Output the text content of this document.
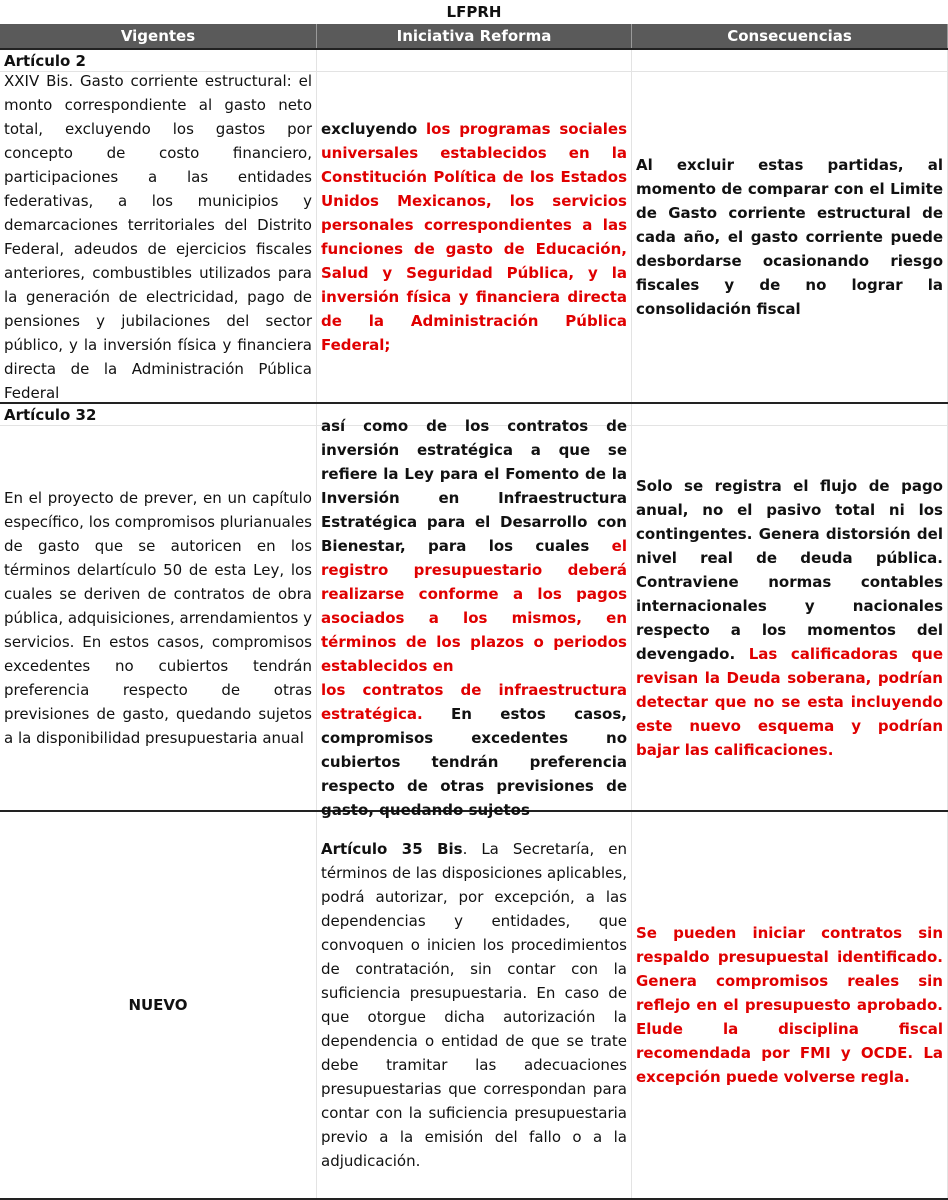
LFPRH
Vigentes	Iniciativa Reforma	Consecuencias
Artículo 2
XXIV Bis. Gasto corriente estructural: el monto correspondiente al gasto neto total, excluyendo los gastos por concepto de costo financiero, participaciones a las entidades federativas, a los municipios y demarcaciones territoriales del Distrito Federal, adeudos de ejercicios fiscales anteriores, combustibles utilizados para la generación de electricidad, pago de pensiones y jubilaciones del sector público, y la inversión física y financiera directa de la Administración Pública Federal
excluyendo los programas sociales universales establecidos en la Constitución Política de los Estados Unidos Mexicanos, los servicios personales correspondientes a las funciones de gasto de Educación, Salud y Seguridad Pública, y la inversión física y financiera directa de la Administración Pública Federal;
Al excluir estas partidas, al momento de comparar con el Limite de Gasto corriente estructural de cada año, el gasto corriente puede desbordarse ocasionando riesgo fiscales y de no lograr la consolidación fiscal
Artículo 32
En el proyecto de prever, en un capítulo específico, los compromisos plurianuales de gasto que se autoricen en los términos delartículo 50 de esta Ley, los cuales se deriven de contratos de obra pública, adquisiciones, arrendamientos y servicios. En estos casos, compromisos excedentes no cubiertos tendrán preferencia respecto de otras previsiones de gasto, quedando sujetos a la disponibilidad presupuestaria anual
así como de los contratos de inversión estratégica a que se refiere la Ley para el Fomento de la Inversión en Infraestructura Estratégica para el Desarrollo con Bienestar, para los cuales el registro presupuestario deberá realizarse conforme a los pagos asociados a los mismos, en términos de los plazos o periodos establecidos en
los contratos de infraestructura estratégica. En estos casos, compromisos excedentes no cubiertos tendrán preferencia respecto de otras previsiones de gasto, quedando sujetos
Solo se registra el flujo de pago anual, no el pasivo total ni los contingentes. Genera distorsión del nivel real de deuda pública. Contraviene normas contables internacionales y nacionales respecto a los momentos del devengado. Las calificadoras que revisan la Deuda soberana, podrían detectar que no se esta incluyendo este nuevo esquema y podrían bajar las calificaciones.
NUEVO
Artículo 35 Bis. La Secretaría, en términos de las disposiciones aplicables, podrá autorizar, por excepción, a las dependencias y entidades, que convoquen o inicien los procedimientos de contratación, sin contar con la suficiencia presupuestaria. En caso de que otorgue dicha autorización la dependencia o entidad de que se trate debe tramitar las adecuaciones presupuestarias que correspondan para contar con la suficiencia presupuestaria previo a la emisión del fallo o a la adjudicación.
Se pueden iniciar contratos sin respaldo presupuestal identificado. Genera compromisos reales sin reflejo en el presupuesto aprobado. Elude la disciplina fiscal recomendada por FMI y OCDE. La excepción puede volverse regla.
